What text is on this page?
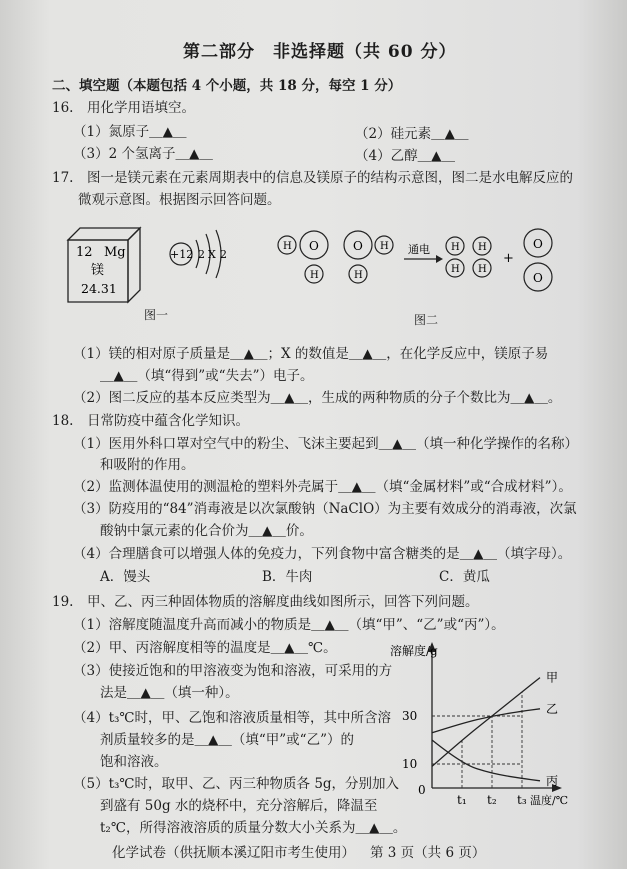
第二部分　非选择题（共 60 分）
二、填空题（本题包括 4 个小题，共 18 分，每空 1 分）
16.　用化学用语填空。
（1）氮原子＿▲＿	（2）硅元素＿▲＿
（3）2 个氢离子＿▲＿	（4）乙醇＿▲＿
17.　图一是镁元素在元素周期表中的信息及镁原子的结构示意图，图二是水电解反应的
微观示意图。根据图示回答问题。
12 Mg
镁
24.31
+12 2 X 2
图一
O
H
H
O H
H
通电 H
H
H
H
+
O
O
图二
（1）镁的相对原子质量是＿▲＿；X 的数值是＿▲＿，在化学反应中，镁原子易
＿▲＿（填“得到”或“失去”）电子。
（2）图二反应的基本反应类型为＿▲＿，生成的两种物质的分子个数比为＿▲＿。
18.　日常防疫中蕴含化学知识。
（1）医用外科口罩对空气中的粉尘、飞沫主要起到＿▲＿（填一种化学操作的名称）
和吸附的作用。
（2）监测体温使用的测温枪的塑料外壳属于＿▲＿（填“金属材料”或“合成材料”）。
（3）防疫用的“84”消毒液是以次氯酸钠（NaClO）为主要有效成分的消毒液，次氯
酸钠中氯元素的化合价为＿▲＿价。
（4）合理膳食可以增强人体的免疫力，下列食物中富含糖类的是＿▲＿（填字母）。
A．馒头	B．牛肉	C．黄瓜
19.　甲、乙、丙三种固体物质的溶解度曲线如图所示，回答下列问题。
（1）溶解度随温度升高而减小的物质是＿▲＿（填“甲”、“乙”或“丙”）。
（2）甲、丙溶解度相等的温度是＿▲＿℃。
（3）使接近饱和的甲溶液变为饱和溶液，可采用的方
法是＿▲＿（填一种）。
（4）t₃℃时，甲、乙饱和溶液质量相等，其中所含溶
剂质量较多的是＿▲＿（填“甲”或“乙”）的
饱和溶液。
（5）t₃℃时，取甲、乙、丙三种物质各 5g，分别加入
到盛有 50g 水的烧杯中，充分溶解后，降温至
t₂℃，所得溶液溶质的质量分数大小关系为＿▲＿。
溶解度/g
温度/℃
0
10
30
t₁ t₂ t₃
甲
乙
丙
化学试卷（供抚顺本溪辽阳市考生使用） 第 3 页（共 6 页）
